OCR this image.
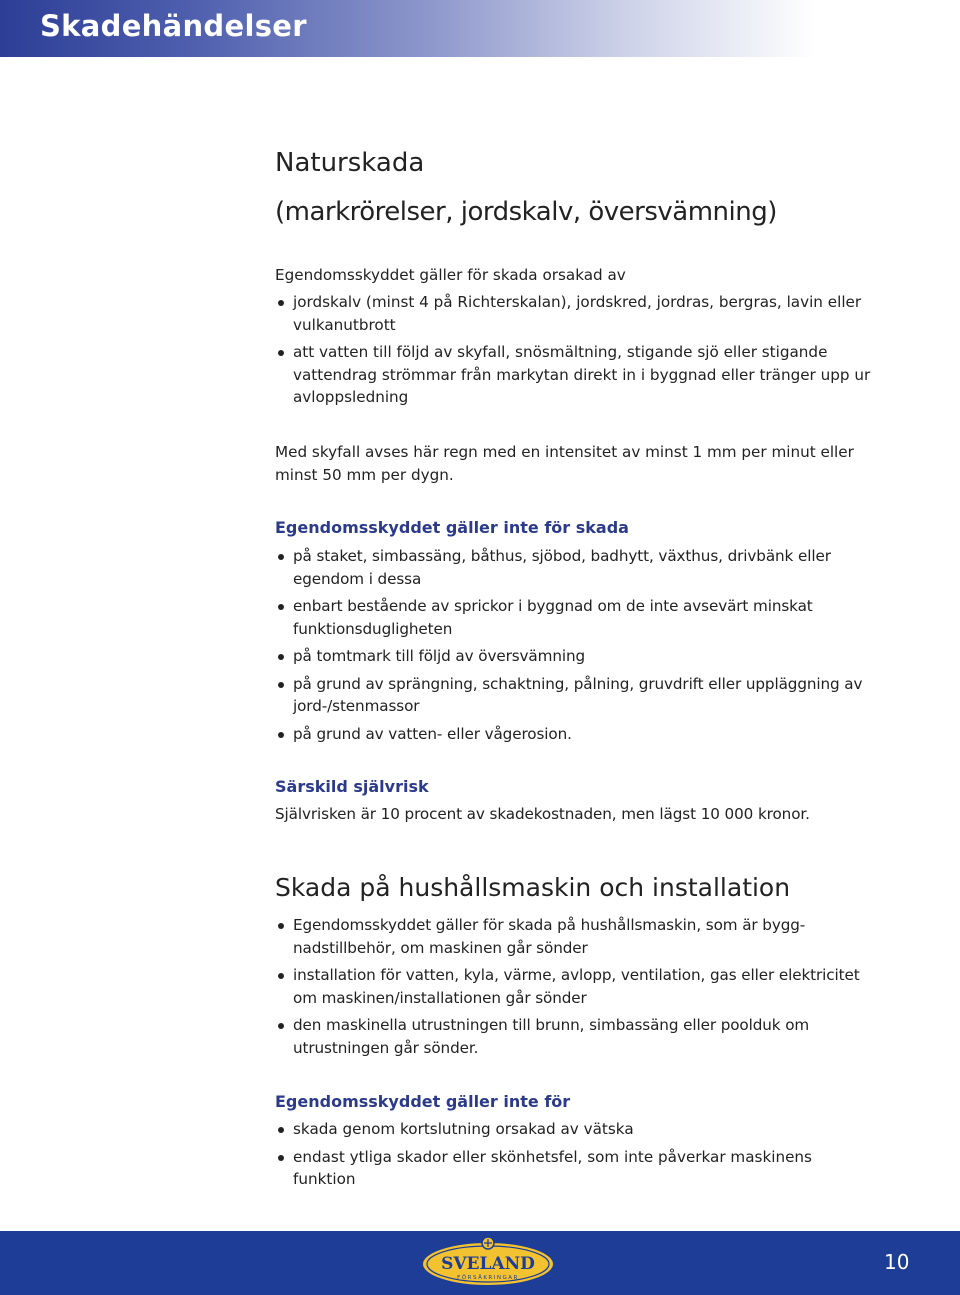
Skadehändelser
Naturskada
(markrörelser, jordskalv, översvämning)
Egendomsskyddet gäller för skada orsakad av
jordskalv (minst 4 på Richterskalan), jordskred, jordras, bergras, lavin eller vulkanutbrott
att vatten till följd av skyfall, snösmältning, stigande sjö eller stigande vattendrag strömmar från markytan direkt in i byggnad eller tränger upp ur avloppsledning
Med skyfall avses här regn med en intensitet av minst 1 mm per minut eller minst 50 mm per dygn.
Egendomsskyddet gäller inte för skada
på staket, simbassäng, båthus, sjöbod, badhytt, växthus, drivbänk eller egendom i dessa
enbart bestående av sprickor i byggnad om de inte avsevärt minskat funktionsdugligheten
på tomtmark till följd av översvämning
på grund av sprängning, schaktning, pålning, gruvdrift eller uppläggning av jord-/stenmassor
på grund av vatten- eller vågerosion.
Särskild självrisk
Självrisken är 10 procent av skadekostnaden, men lägst 10 000 kronor.
Skada på hushållsmaskin och installation
Egendomsskyddet gäller för skada på hushållsmaskin, som är byggnadstillbehör, om maskinen går sönder
installation för vatten, kyla, värme, avlopp, ventilation, gas eller elektricitet om maskinen/installationen går sönder
den maskinella utrustningen till brunn, simbassäng eller poolduk om utrustningen går sönder.
Egendomsskyddet gäller inte för
skada genom kortslutning orsakad av vätska
endast ytliga skador eller skönhetsfel, som inte påverkar maskinens funktion
SVELAND
FÖRSÄKRINGAR
10
